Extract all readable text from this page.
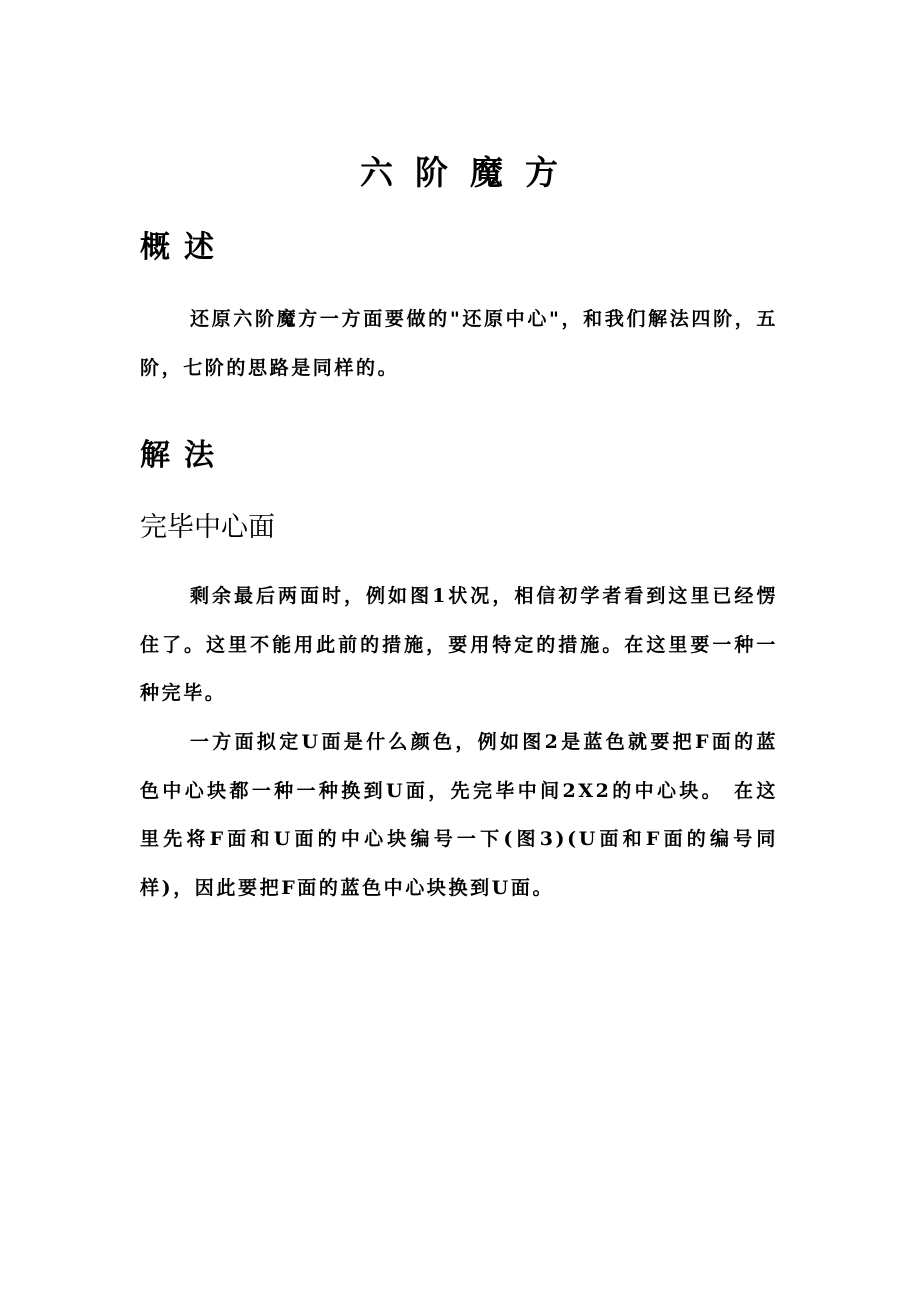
六阶魔方
概述

还原六阶魔方一方面要做的"还原中心"，和我们解法四阶，五阶，七阶的思路是同样的。

解法
完毕中心面

剩余最后两面时，例如图1状况，相信初学者看到这里已经愣住了。这里不能用此前的措施，要用特定的措施。在这里要一种一种完毕。

一方面拟定U面是什么颜色，例如图2是蓝色就要把F面的蓝色中心块都一种一种换到U面，先完毕中间2X2的中心块。 在这里先将F面和U面的中心块编号一下(图3)(U面和F面的编号同样)，因此要把F面的蓝色中心块换到U面。
